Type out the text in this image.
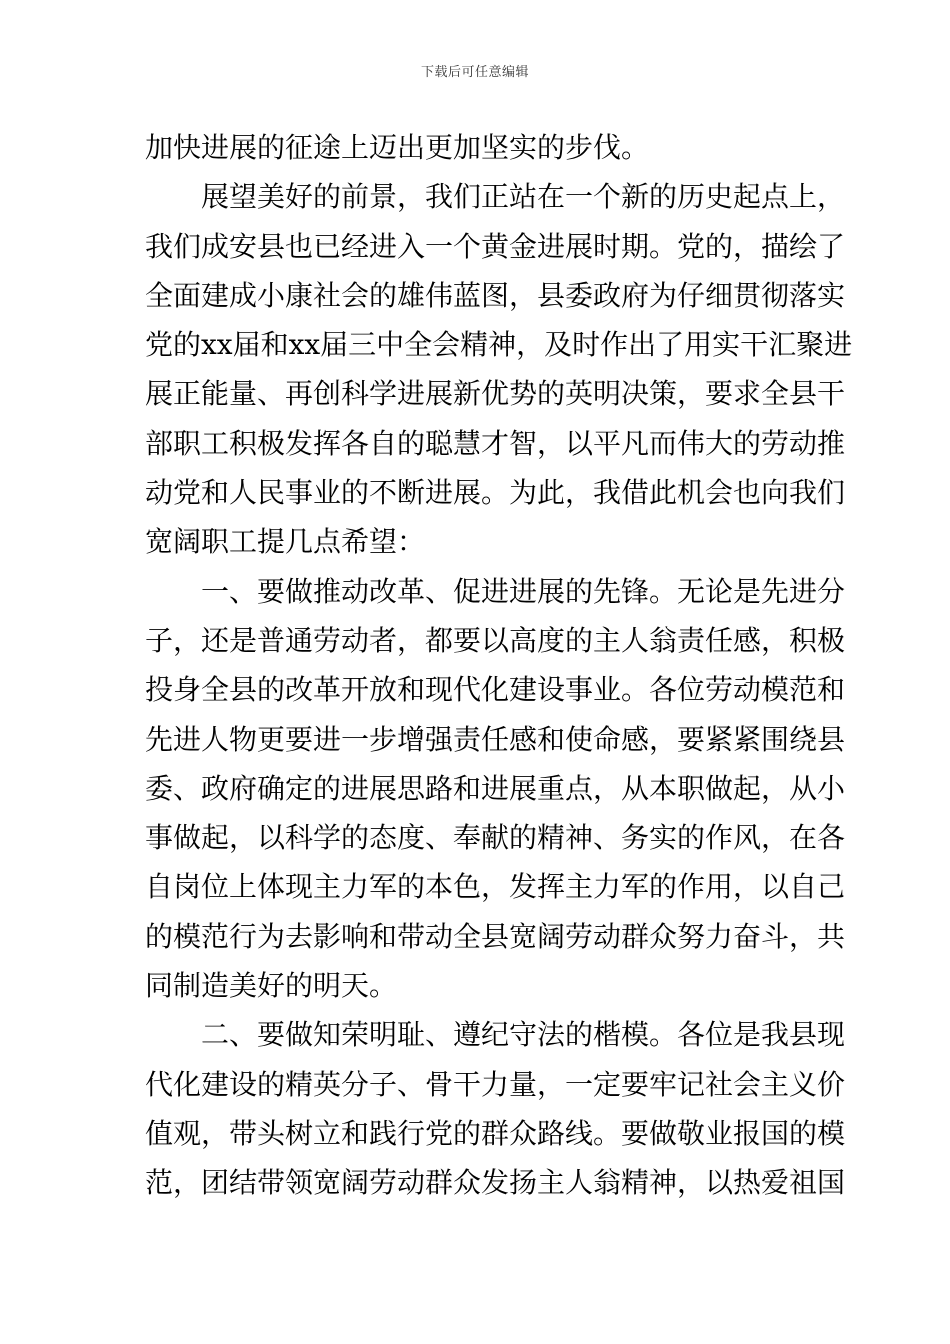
下载后可任意编辑
加快进展的征途上迈出更加坚实的步伐。
展望美好的前景，我们正站在一个新的历史起点上，
我们成安县也已经进入一个黄金进展时期。党的，描绘了
全面建成小康社会的雄伟蓝图，县委政府为仔细贯彻落实
党的xx届和xx届三中全会精神，及时作出了用实干汇聚进
展正能量、再创科学进展新优势的英明决策，要求全县干
部职工积极发挥各自的聪慧才智，以平凡而伟大的劳动推
动党和人民事业的不断进展。为此，我借此机会也向我们
宽阔职工提几点希望：
一、要做推动改革、促进进展的先锋。无论是先进分
子，还是普通劳动者，都要以高度的主人翁责任感，积极
投身全县的改革开放和现代化建设事业。各位劳动模范和
先进人物更要进一步增强责任感和使命感，要紧紧围绕县
委、政府确定的进展思路和进展重点，从本职做起，从小
事做起，以科学的态度、奉献的精神、务实的作风，在各
自岗位上体现主力军的本色，发挥主力军的作用，以自己
的模范行为去影响和带动全县宽阔劳动群众努力奋斗，共
同制造美好的明天。
二、要做知荣明耻、遵纪守法的楷模。各位是我县现
代化建设的精英分子、骨干力量，一定要牢记社会主义价
值观，带头树立和践行党的群众路线。要做敬业报国的模
范，团结带领宽阔劳动群众发扬主人翁精神，以热爱祖国
